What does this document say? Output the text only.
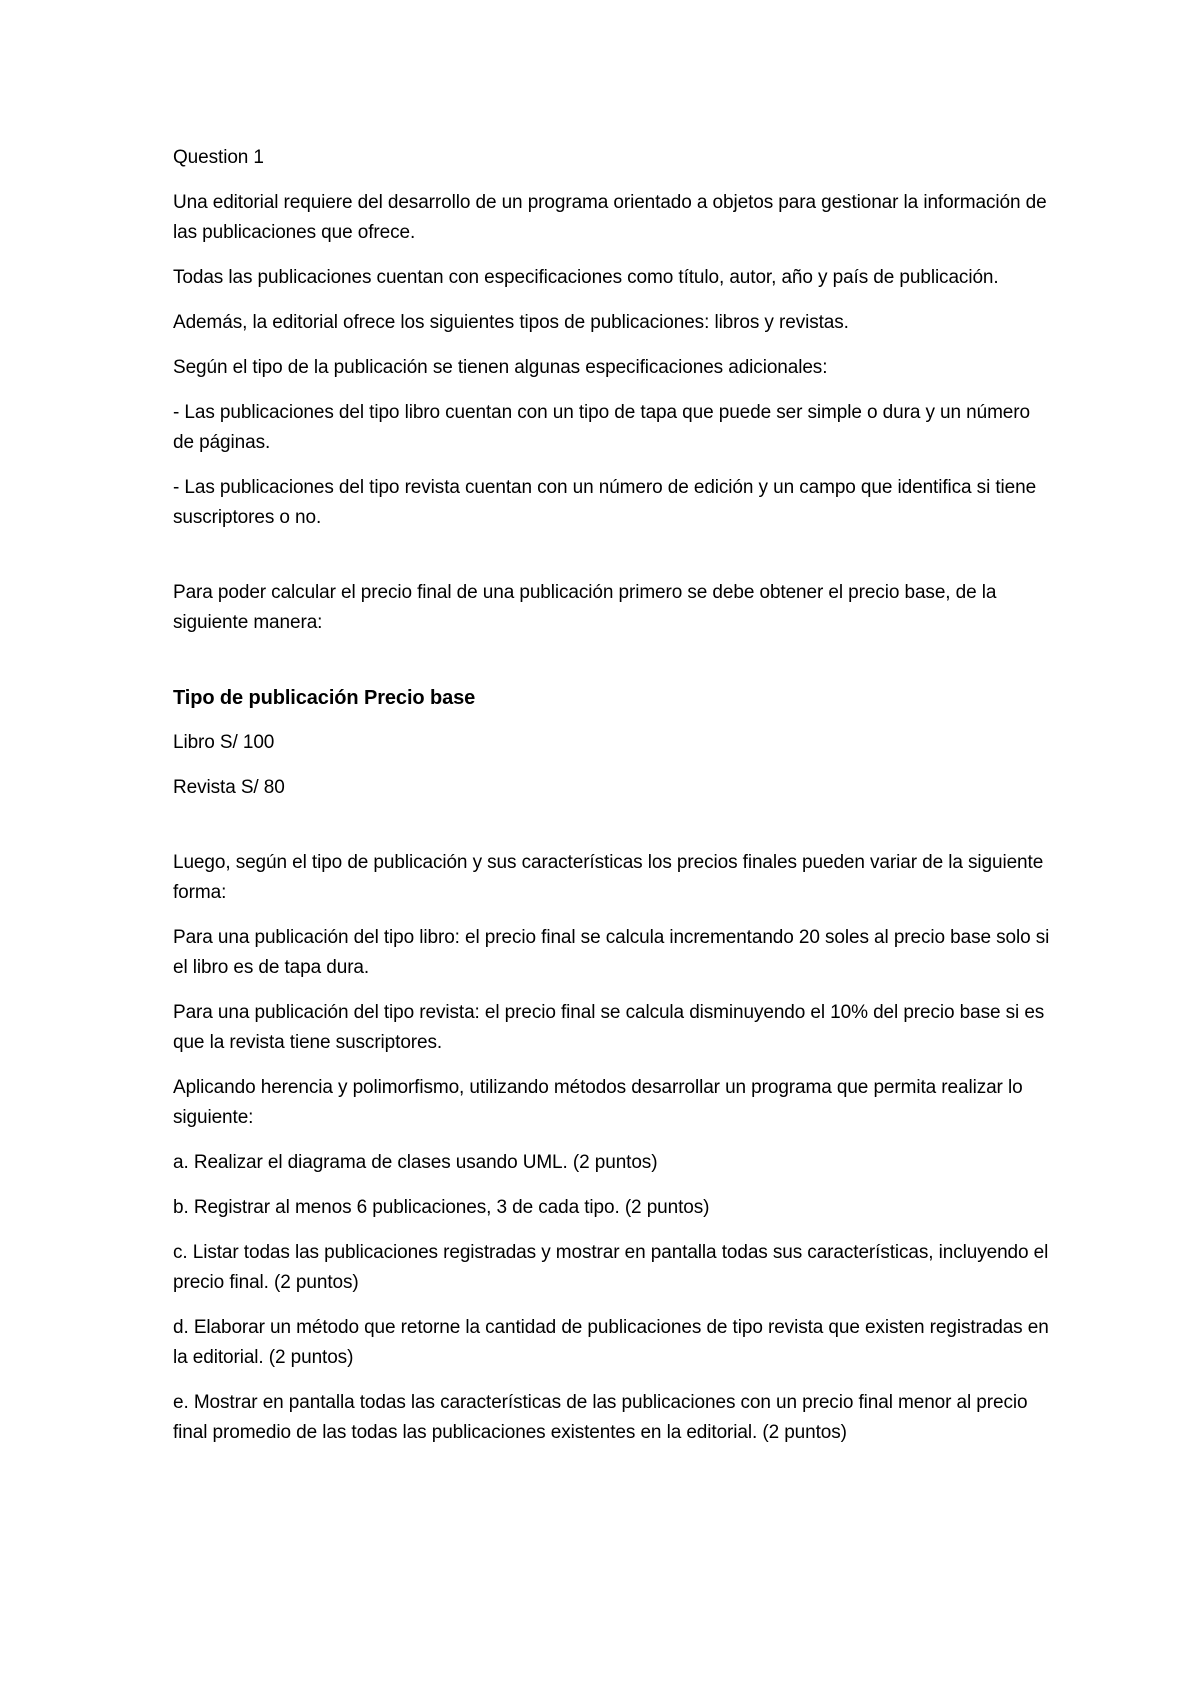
Question 1

Una editorial requiere del desarrollo de un programa orientado a objetos para gestionar la información de las publicaciones que ofrece.

Todas las publicaciones cuentan con especificaciones como título, autor, año y país de publicación.

Además, la editorial ofrece los siguientes tipos de publicaciones: libros y revistas.

Según el tipo de la publicación se tienen algunas especificaciones adicionales:

- Las publicaciones del tipo libro cuentan con un tipo de tapa que puede ser simple o dura y un número de páginas.

- Las publicaciones del tipo revista cuentan con un número de edición y un campo que identifica si tiene suscriptores o no.

Para poder calcular el precio final de una publicación primero se debe obtener el precio base, de la siguiente manera:

Tipo de publicación Precio base

Libro S/ 100

Revista S/ 80

Luego, según el tipo de publicación y sus características los precios finales pueden variar de la siguiente forma:

Para una publicación del tipo libro: el precio final se calcula incrementando 20 soles al precio base solo si el libro es de tapa dura.

Para una publicación del tipo revista: el precio final se calcula disminuyendo el 10% del precio base si es que la revista tiene suscriptores.

Aplicando herencia y polimorfismo, utilizando métodos desarrollar un programa que permita realizar lo siguiente:

a. Realizar el diagrama de clases usando UML. (2 puntos)

b. Registrar al menos 6 publicaciones, 3 de cada tipo. (2 puntos)

c. Listar todas las publicaciones registradas y mostrar en pantalla todas sus características, incluyendo el precio final. (2 puntos)

d. Elaborar un método que retorne la cantidad de publicaciones de tipo revista que existen registradas en la editorial. (2 puntos)

e. Mostrar en pantalla todas las características de las publicaciones con un precio final menor al precio final promedio de las todas las publicaciones existentes en la editorial. (2 puntos)
